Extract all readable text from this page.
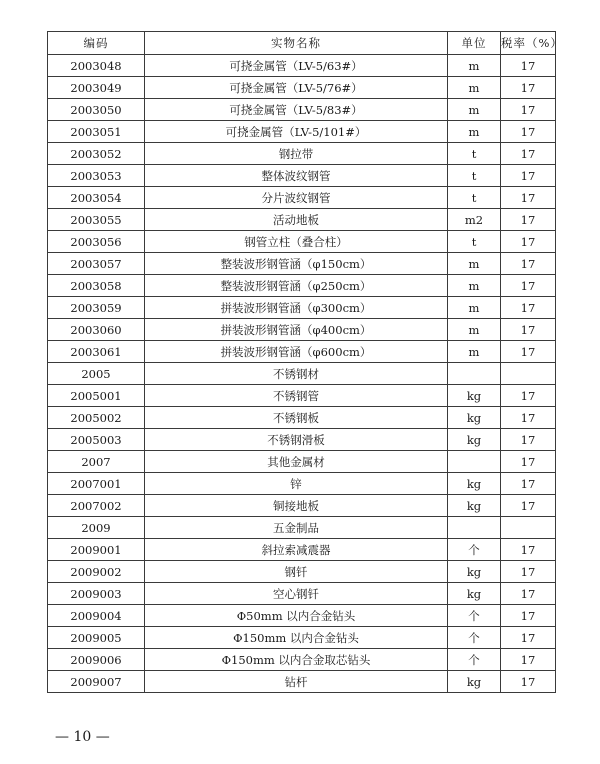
编码	实物名称	单位	税率（%）
2003048	可挠金属管（LV-5/63#）	m	17
2003049	可挠金属管（LV-5/76#）	m	17
2003050	可挠金属管（LV-5/83#）	m	17
2003051	可挠金属管（LV-5/101#）	m	17
2003052	钢拉带	t	17
2003053	整体波纹钢管	t	17
2003054	分片波纹钢管	t	17
2003055	活动地板	m2	17
2003056	钢管立柱（叠合柱）	t	17
2003057	整装波形钢管涵（φ150cm）	m	17
2003058	整装波形钢管涵（φ250cm）	m	17
2003059	拼装波形钢管涵（φ300cm）	m	17
2003060	拼装波形钢管涵（φ400cm）	m	17
2003061	拼装波形钢管涵（φ600cm）	m	17
2005	不锈钢材		
2005001	不锈钢管	kg	17
2005002	不锈钢板	kg	17
2005003	不锈钢滑板	kg	17
2007	其他金属材		17
2007001	锌	kg	17
2007002	铜接地板	kg	17
2009	五金制品		
2009001	斜拉索减震器	个	17
2009002	钢钎	kg	17
2009003	空心钢钎	kg	17
2009004	Φ50mm 以内合金钻头	个	17
2009005	Φ150mm 以内合金钻头	个	17
2009006	Φ150mm 以内合金取芯钻头	个	17
2009007	钻杆	kg	17
— 10 —
